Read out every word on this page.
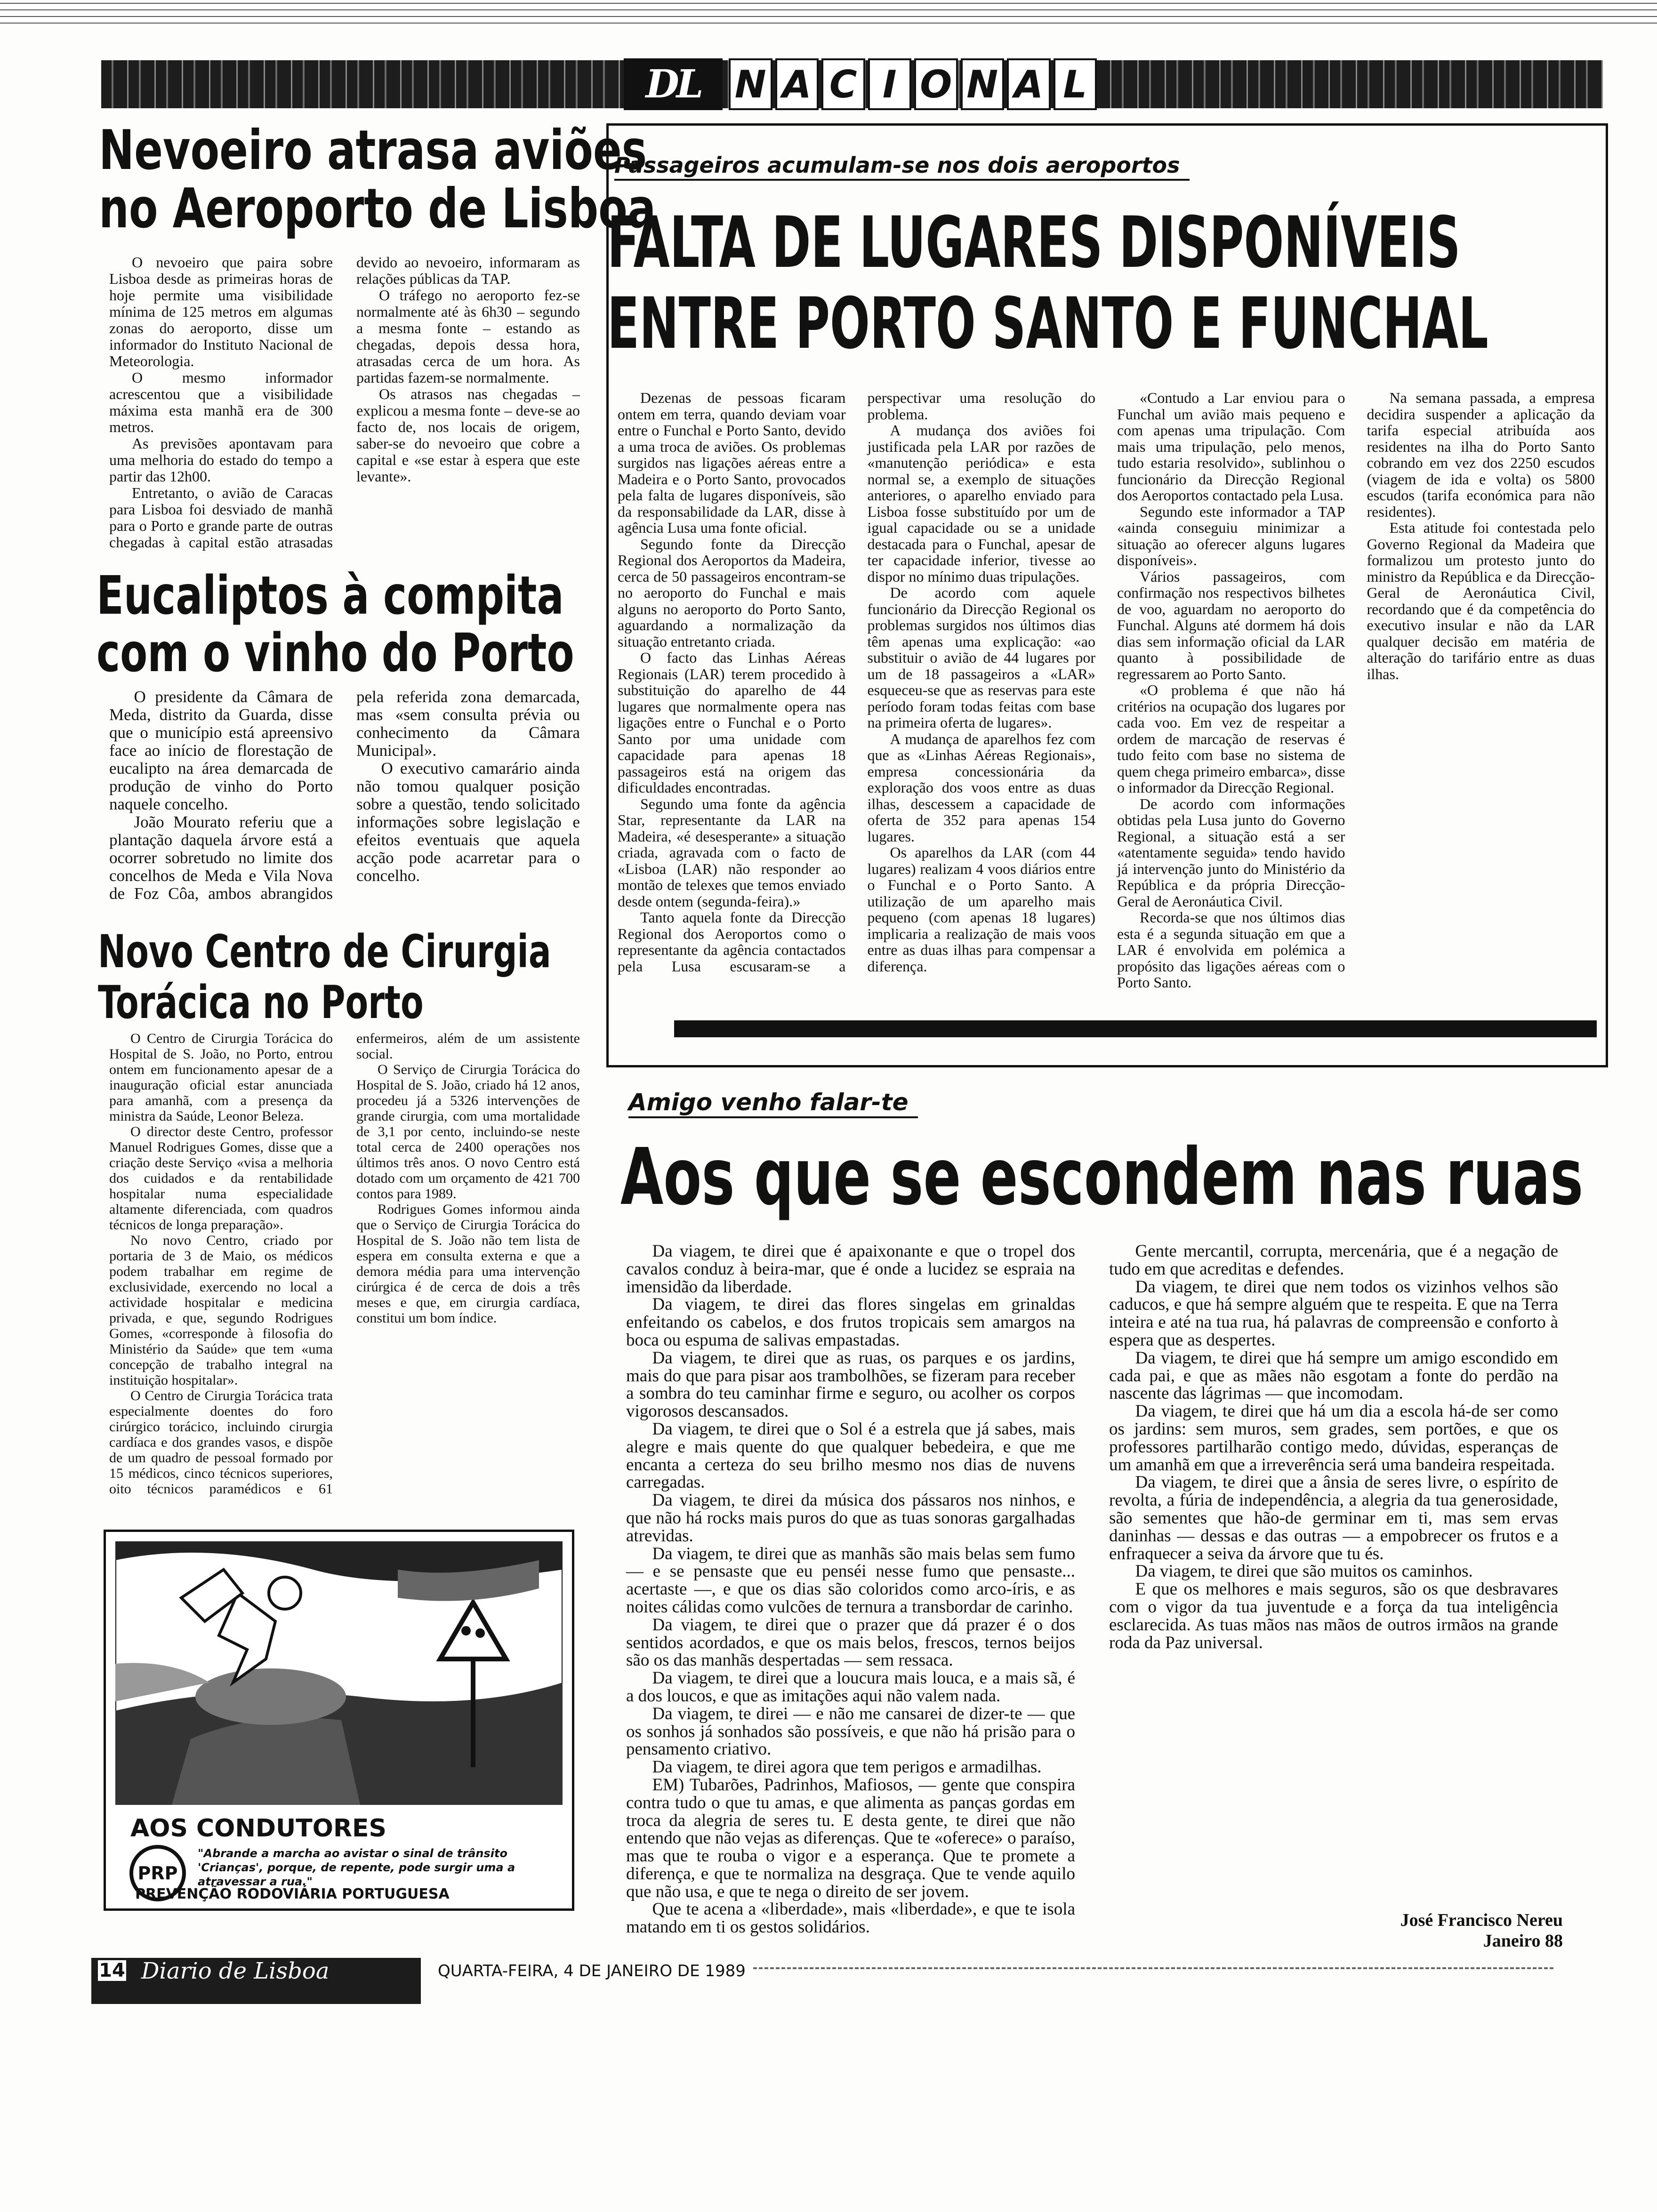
DL N A C I O N A L
Nevoeiro atrasa aviões
no Aeroporto de Lisboa

O nevoeiro que paira sobre Lisboa desde as primeiras horas de hoje permite uma visibilidade mínima de 125 metros em algumas zonas do aeroporto, disse um informador do Instituto Nacional de Meteorologia.

O mesmo informador acrescentou que a visibilidade máxima esta manhã era de 300 metros.

As previsões apontavam para uma melhoria do estado do tempo a partir das 12h00.

Entretanto, o avião de Caracas para Lisboa foi desviado de manhã para o Porto e grande parte de outras chegadas à capital estão atrasadas devido ao nevoeiro, informaram as relações públicas da TAP.

O tráfego no aeroporto fez-se normalmente até às 6h30 – segundo a mesma fonte – estando as chegadas, depois dessa hora, atrasadas cerca de um hora. As partidas fazem-se normalmente.

Os atrasos nas chegadas – explicou a mesma fonte – deve-se ao facto de, nos locais de origem, saber-se do nevoeiro que cobre a capital e «se estar à espera que este levante».

Eucaliptos à compita
com o vinho do Porto

O presidente da Câmara de Meda, distrito da Guarda, disse que o município está apreensivo face ao início de florestação de eucalipto na área demarcada de produção de vinho do Porto naquele concelho.

João Mourato referiu que a plantação daquela árvore está a ocorrer sobretudo no limite dos concelhos de Meda e Vila Nova de Foz Côa, ambos abrangidos pela referida zona demarcada, mas «sem consulta prévia ou conhecimento da Câmara Municipal».

O executivo camarário ainda não tomou qualquer posição sobre a questão, tendo solicitado informações sobre legislação e efeitos eventuais que aquela acção pode acarretar para o concelho.

Novo Centro de Cirurgia
Torácica no Porto

O Centro de Cirurgia Torácica do Hospital de S. João, no Porto, entrou ontem em funcionamento apesar de a inauguração oficial estar anunciada para amanhã, com a presença da ministra da Saúde, Leonor Beleza.

O director deste Centro, professor Manuel Rodrigues Gomes, disse que a criação deste Serviço «visa a melhoria dos cuidados e da rentabilidade hospitalar numa especialidade altamente diferenciada, com quadros técnicos de longa preparação».

No novo Centro, criado por portaria de 3 de Maio, os médicos podem trabalhar em regime de exclusividade, exercendo no local a actividade hospitalar e medicina privada, e que, segundo Rodrigues Gomes, «corresponde à filosofia do Ministério da Saúde» que tem «uma concepção de trabalho integral na instituição hospitalar».

O Centro de Cirurgia Torácica trata especialmente doentes do foro cirúrgico torácico, incluindo cirurgia cardíaca e dos grandes vasos, e dispõe de um quadro de pessoal formado por 15 médicos, cinco técnicos superiores, oito técnicos paramédicos e 61 enfermeiros, além de um assistente social.

O Serviço de Cirurgia Torácica do Hospital de S. João, criado há 12 anos, procedeu já a 5326 intervenções de grande cirurgia, com uma mortalidade de 3,1 por cento, incluindo-se neste total cerca de 2400 operações nos últimos três anos. O novo Centro está dotado com um orçamento de 421 700 contos para 1989.

Rodrigues Gomes informou ainda que o Serviço de Cirurgia Torácica do Hospital de S. João não tem lista de espera em consulta externa e que a demora média para uma intervenção cirúrgica é de cerca de dois a três meses e que, em cirurgia cardíaca, constitui um bom índice.

Passageiros acumulam-se nos dois aeroportos
FALTA DE LUGARES DISPONÍVEIS
ENTRE PORTO SANTO E FUNCHAL

Dezenas de pessoas ficaram ontem em terra, quando deviam voar entre o Funchal e Porto Santo, devido a uma troca de aviões. Os problemas surgidos nas ligações aéreas entre a Madeira e o Porto Santo, provocados pela falta de lugares disponíveis, são da responsabilidade da LAR, disse à agência Lusa uma fonte oficial.

Segundo fonte da Direcção Regional dos Aeroportos da Madeira, cerca de 50 passageiros encontram-se no aeroporto do Funchal e mais alguns no aeroporto do Porto Santo, aguardando a normalização da situação entretanto criada.

O facto das Linhas Aéreas Regionais (LAR) terem procedido à substituição do aparelho de 44 lugares que normalmente opera nas ligações entre o Funchal e o Porto Santo por uma unidade com capacidade para apenas 18 passageiros está na origem das dificuldades encontradas.

Segundo uma fonte da agência Star, representante da LAR na Madeira, «é desesperante» a situação criada, agravada com o facto de «Lisboa (LAR) não responder ao montão de telexes que temos enviado desde ontem (segunda-feira).»

Tanto aquela fonte da Direcção Regional dos Aeroportos como o representante da agência contactados pela Lusa escusaram-se a perspectivar uma resolução do problema.

A mudança dos aviões foi justificada pela LAR por razões de «manutenção periódica» e esta normal se, a exemplo de situações anteriores, o aparelho enviado para Lisboa fosse substituído por um de igual capacidade ou se a unidade destacada para o Funchal, apesar de ter capacidade inferior, tivesse ao dispor no mínimo duas tripulações.

De acordo com aquele funcionário da Direcção Regional os problemas surgidos nos últimos dias têm apenas uma explicação: «ao substituir o avião de 44 lugares por um de 18 passageiros a «LAR» esqueceu-se que as reservas para este período foram todas feitas com base na primeira oferta de lugares».

A mudança de aparelhos fez com que as «Linhas Aéreas Regionais», empresa concessionária da exploração dos voos entre as duas ilhas, descessem a capacidade de oferta de 352 para apenas 154 lugares.

Os aparelhos da LAR (com 44 lugares) realizam 4 voos diários entre o Funchal e o Porto Santo. A utilização de um aparelho mais pequeno (com apenas 18 lugares) implicaria a realização de mais voos entre as duas ilhas para compensar a diferença.

«Contudo a Lar enviou para o Funchal um avião mais pequeno e com apenas uma tripulação. Com mais uma tripulação, pelo menos, tudo estaria resolvido», sublinhou o funcionário da Direcção Regional dos Aeroportos contactado pela Lusa.

Segundo este informador a TAP «ainda conseguiu minimizar a situação ao oferecer alguns lugares disponíveis».

Vários passageiros, com confirmação nos respectivos bilhetes de voo, aguardam no aeroporto do Funchal. Alguns até dormem há dois dias sem informação oficial da LAR quanto à possibilidade de regressarem ao Porto Santo.

«O problema é que não há critérios na ocupação dos lugares por cada voo. Em vez de respeitar a ordem de marcação de reservas é tudo feito com base no sistema de quem chega primeiro embarca», disse o informador da Direcção Regional.

De acordo com informações obtidas pela Lusa junto do Governo Regional, a situação está a ser «atentamente seguida» tendo havido já intervenção junto do Ministério da República e da própria Direcção-Geral de Aeronáutica Civil.

Recorda-se que nos últimos dias esta é a segunda situação em que a LAR é envolvida em polémica a propósito das ligações aéreas com o Porto Santo.

Na semana passada, a empresa decidira suspender a aplicação da tarifa especial atribuída aos residentes na ilha do Porto Santo cobrando em vez dos 2250 escudos (viagem de ida e volta) os 5800 escudos (tarifa económica para não residentes).

Esta atitude foi contestada pelo Governo Regional da Madeira que formalizou um protesto junto do ministro da República e da Direcção-Geral de Aeronáutica Civil, recordando que é da competência do executivo insular e não da LAR qualquer decisão em matéria de alteração do tarifário entre as duas ilhas.

Amigo venho falar-te
Aos que se escondem nas ruas

Da viagem, te direi que é apaixonante e que o tropel dos cavalos conduz à beira-mar, que é onde a lucidez se espraia na imensidão da liberdade.

Da viagem, te direi das flores singelas em grinaldas enfeitando os cabelos, e dos frutos tropicais sem amargos na boca ou espuma de salivas empastadas.

Da viagem, te direi que as ruas, os parques e os jardins, mais do que para pisar aos trambolhões, se fizeram para receber a sombra do teu caminhar firme e seguro, ou acolher os corpos vigorosos descansados.

Da viagem, te direi que o Sol é a estrela que já sabes, mais alegre e mais quente do que qualquer bebedeira, e que me encanta a certeza do seu brilho mesmo nos dias de nuvens carregadas.

Da viagem, te direi da música dos pássaros nos ninhos, e que não há rocks mais puros do que as tuas sonoras gargalhadas atrevidas.

Da viagem, te direi que as manhãs são mais belas sem fumo — e se pensaste que eu penséi nesse fumo que pensaste... acertaste —, e que os dias são coloridos como arco-íris, e as noites cálidas como vulcões de ternura a transbordar de carinho.

Da viagem, te direi que o prazer que dá prazer é o dos sentidos acordados, e que os mais belos, frescos, ternos beijos são os das manhãs despertadas — sem ressaca.

Da viagem, te direi que a loucura mais louca, e a mais sã, é a dos loucos, e que as imitações aqui não valem nada.

Da viagem, te direi — e não me cansarei de dizer-te — que os sonhos já sonhados são possíveis, e que não há prisão para o pensamento criativo.

Da viagem, te direi agora que tem perigos e armadilhas.

EM) Tubarões, Padrinhos, Mafiosos, — gente que conspira contra tudo o que tu amas, e que alimenta as panças gordas em troca da alegria de seres tu. E desta gente, te direi que não entendo que não vejas as diferenças. Que te «oferece» o paraíso, mas que te rouba o vigor e a esperança. Que te promete a diferença, e que te normaliza na desgraça. Que te vende aquilo que não usa, e que te nega o direito de ser jovem.

Que te acena a «liberdade», mais «liberdade», e que te isola matando em ti os gestos solidários.

Gente mercantil, corrupta, mercenária, que é a negação de tudo em que acreditas e defendes.

Da viagem, te direi que nem todos os vizinhos velhos são caducos, e que há sempre alguém que te respeita. E que na Terra inteira e até na tua rua, há palavras de compreensão e conforto à espera que as despertes.

Da viagem, te direi que há sempre um amigo escondido em cada pai, e que as mães não esgotam a fonte do perdão na nascente das lágrimas — que incomodam.

Da viagem, te direi que há um dia a escola há-de ser como os jardins: sem muros, sem grades, sem portões, e que os professores partilharão contigo medo, dúvidas, esperanças de um amanhã em que a irreverência será uma bandeira respeitada.

Da viagem, te direi que a ânsia de seres livre, o espírito de revolta, a fúria de independência, a alegria da tua generosidade, são sementes que hão-de germinar em ti, mas sem ervas daninhas — dessas e das outras — a empobrecer os frutos e a enfraquecer a seiva da árvore que tu és.

Da viagem, te direi que são muitos os caminhos.

E que os melhores e mais seguros, são os que desbravares com o vigor da tua juventude e a força da tua inteligência esclarecida. As tuas mãos nas mãos de outros irmãos na grande roda da Paz universal.

José Francisco Nereu
Janeiro 88
AOS CONDUTORES
PRP
"Abrande a marcha ao avistar o sinal de trânsito 'Crianças', porque, de repente, pode surgir uma a atravessar a rua."
PREVENÇÃO RODOVIÁRIA PORTUGUESA
14 Diario de Lisboa	QUARTA-FEIRA, 4 DE JANEIRO DE 1989
